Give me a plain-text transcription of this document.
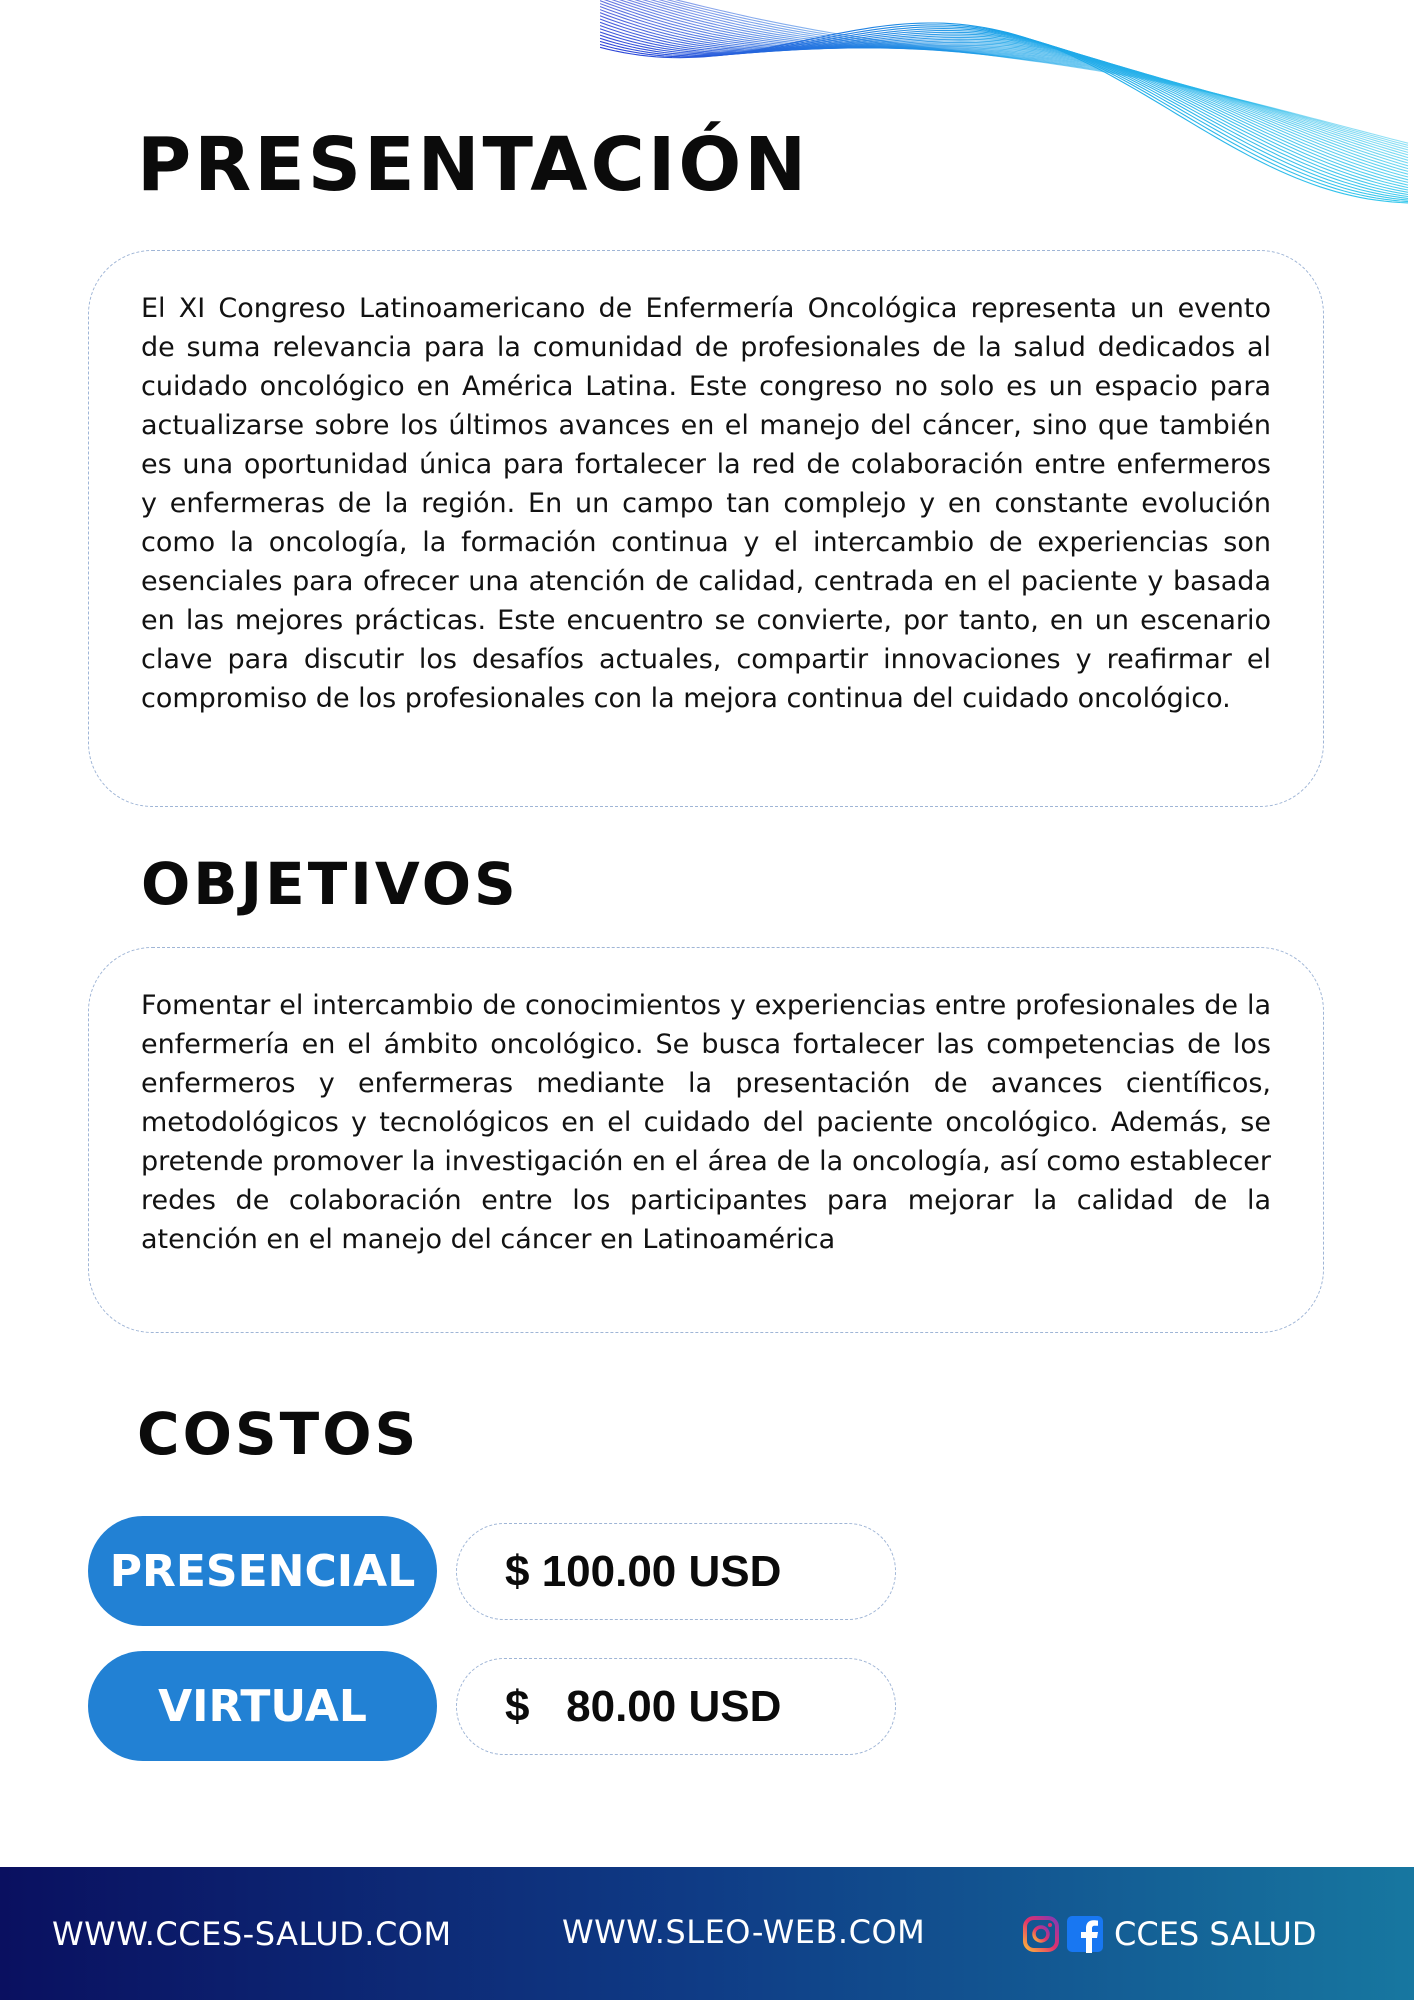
PRESENTACIÓN

El XI Congreso Latinoamericano de Enfermería Oncológica representa un evento de suma relevancia para la comunidad de profesionales de la salud dedicados al cuidado oncológico en América Latina. Este congreso no solo es un espacio para actualizarse sobre los últimos avances en el manejo del cáncer, sino que también es una oportunidad única para fortalecer la red de colaboración entre enfermeros y enfermeras de la región. En un campo tan complejo y en constante evolución como la oncología, la formación continua y el intercambio de experiencias son esenciales para ofrecer una atención de calidad, centrada en el paciente y basada en las mejores prácticas. Este encuentro se convierte, por tanto, en un escenario clave para discutir los desafíos actuales, compartir innovaciones y reafirmar el compromiso de los profesionales con la mejora continua del cuidado oncológico.

OBJETIVOS

Fomentar el intercambio de conocimientos y experiencias entre profesionales de la enfermería en el ámbito oncológico. Se busca fortalecer las competencias de los enfermeros y enfermeras mediante la presentación de avances científicos, metodológicos y tecnológicos en el cuidado del paciente oncológico. Además, se pretende promover la investigación en el área de la oncología, así como establecer redes de colaboración entre los participantes para mejorar la calidad de la atención en el manejo del cáncer en Latinoamérica

COSTOS
PRESENCIAL	$ 100.00 USD
VIRTUAL	$   80.00 USD
WWW.CCES-SALUD.COM	WWW.SLEO-WEB.COM	CCES SALUD
